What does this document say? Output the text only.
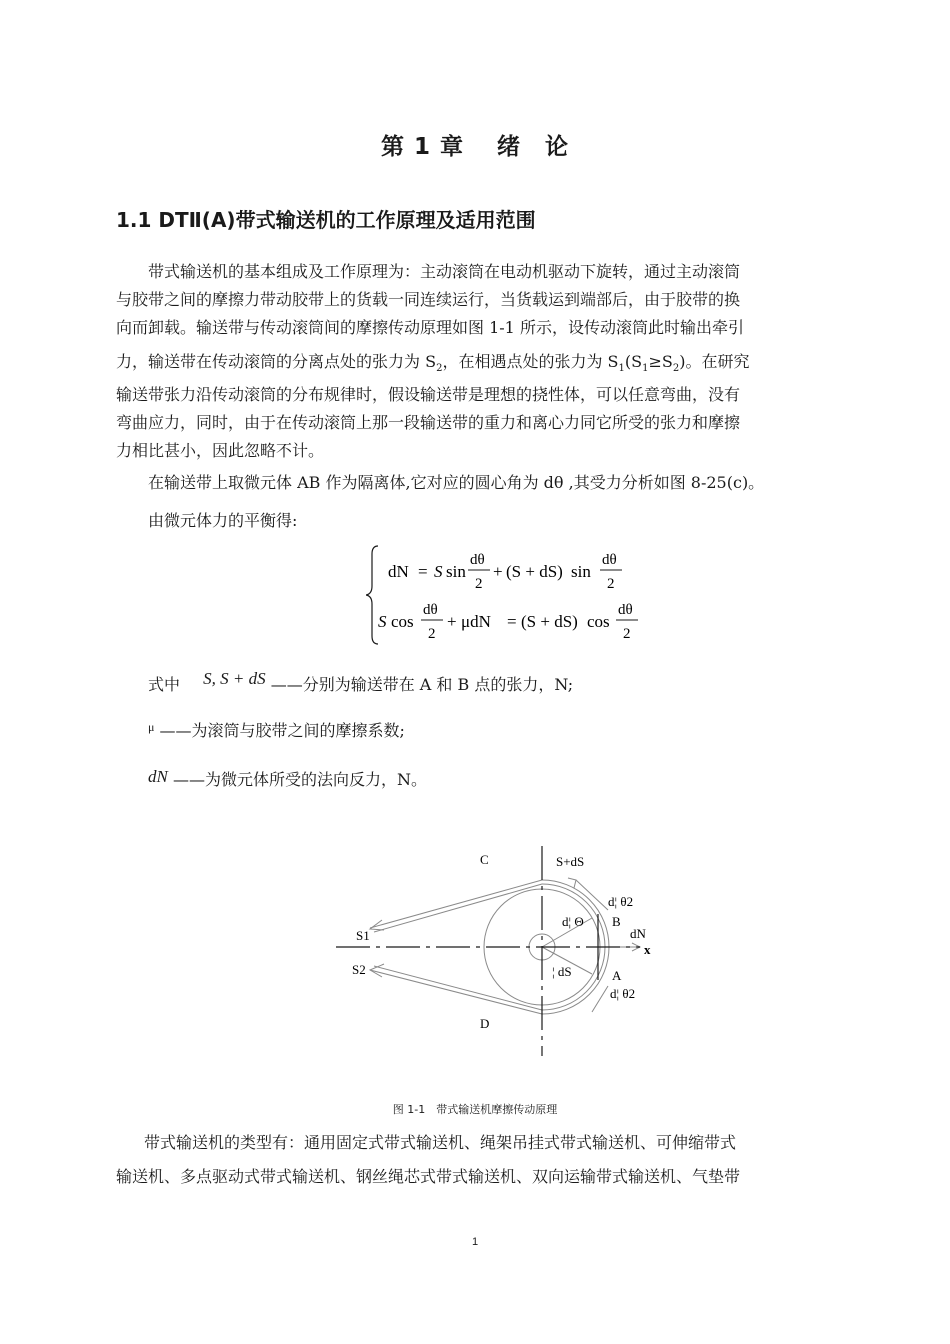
第 1 章　 绪　论
1.1 DTⅡ(A)带式输送机的工作原理及适用范围
带式输送机的基本组成及工作原理为：主动滚筒在电动机驱动下旋转，通过主动滚筒
与胶带之间的摩擦力带动胶带上的货载一同连续运行，当货载运到端部后，由于胶带的换
向而卸载。输送带与传动滚筒间的摩擦传动原理如图 1-1 所示，设传动滚筒此时输出牵引
力，输送带在传动滚筒的分离点处的张力为 $S_2$，在相遇点处的张力为 $S_1(S_1\ge S_2)$。在研究
输送带张力沿传动滚筒的分布规律时，假设输送带是理想的挠性体，可以任意弯曲，没有
弯曲应力，同时，由于在传动滚筒上那一段输送带的重力和离心力同它所受的张力和摩擦
力相比甚小，因此忽略不计。
在输送带上取微元体 AB 作为隔离体,它对应的圆心角为 dθ ,其受力分析如图 8-25(c)。
由微元体力的平衡得:
dN = S sin
dθ
2
+ (S + dS) sin
dθ
2
S cos
dθ
2
+ μdN = (S + dS) cos
dθ
2
式中 S, S + dS ——分别为输送带在 A 和 B 点的张力，N;
$^\mu$ ——为滚筒与胶带之间的摩擦系数;
dN ——为微元体所受的法向反力，N。
C
D
S1
S2
S+dS
B
A
dN
x
d¦ θ2
d¦ θ2
d¦ Θ
¦ dS
图 1-1　带式输送机摩擦传动原理
带式输送机的类型有：通用固定式带式输送机、绳架吊挂式带式输送机、可伸缩带式
输送机、多点驱动式带式输送机、钢丝绳芯式带式输送机、双向运输带式输送机、气垫带
1
